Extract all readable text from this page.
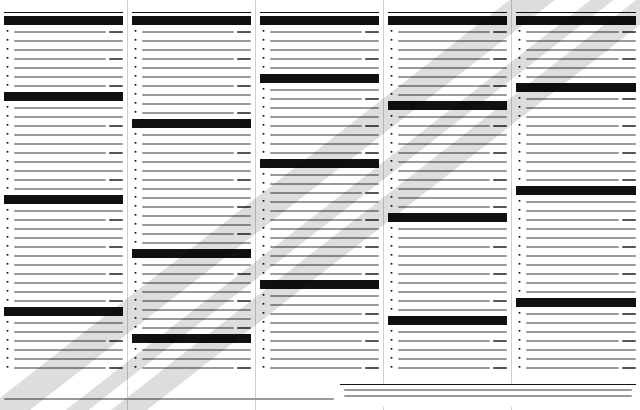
▪
▪
▪
▪
▪
▪
▪
▪
▪
▪
▪
▪
▪
▪
▪
▪
▪
▪
▪
▪
▪
▪
▪
▪
▪
▪
▪
▪
▪
▪
▪
▪
▪
▪
▪
▪
▪
▪
▪
▪
▪
▪
▪
▪
▪
▪
▪
▪
▪
▪
▪
▪
▪
▪
▪
▪
▪
▪
▪
▪
▪
▪
▪
▪
▪
▪
▪
▪
▪
▪
▪
▪
▪
▪
▪
▪
▪
▪
▪
▪
▪
▪
▪
▪
▪
▪
▪
▪
▪
▪
▪
▪
▪
▪
▪
▪
▪
▪
▪
▪
▪
▪
▪
▪
▪
▪
▪
▪
▪
▪
▪
▪
▪
▪
▪
▪
▪
▪
▪
▪
▪
▪
▪
▪
▪
▪
▪
▪
▪
▪
▪
▪
▪
▪
▪
▪
▪
▪
▪
▪
▪
▪
▪
▪
▪
▪
▪
▪
▪
▪
▪
▪
▪
▪
▪
▪
▪
▪
▪
▪
▪
▪
▪
▪
▪
▪
▪
▪
▪
▪
